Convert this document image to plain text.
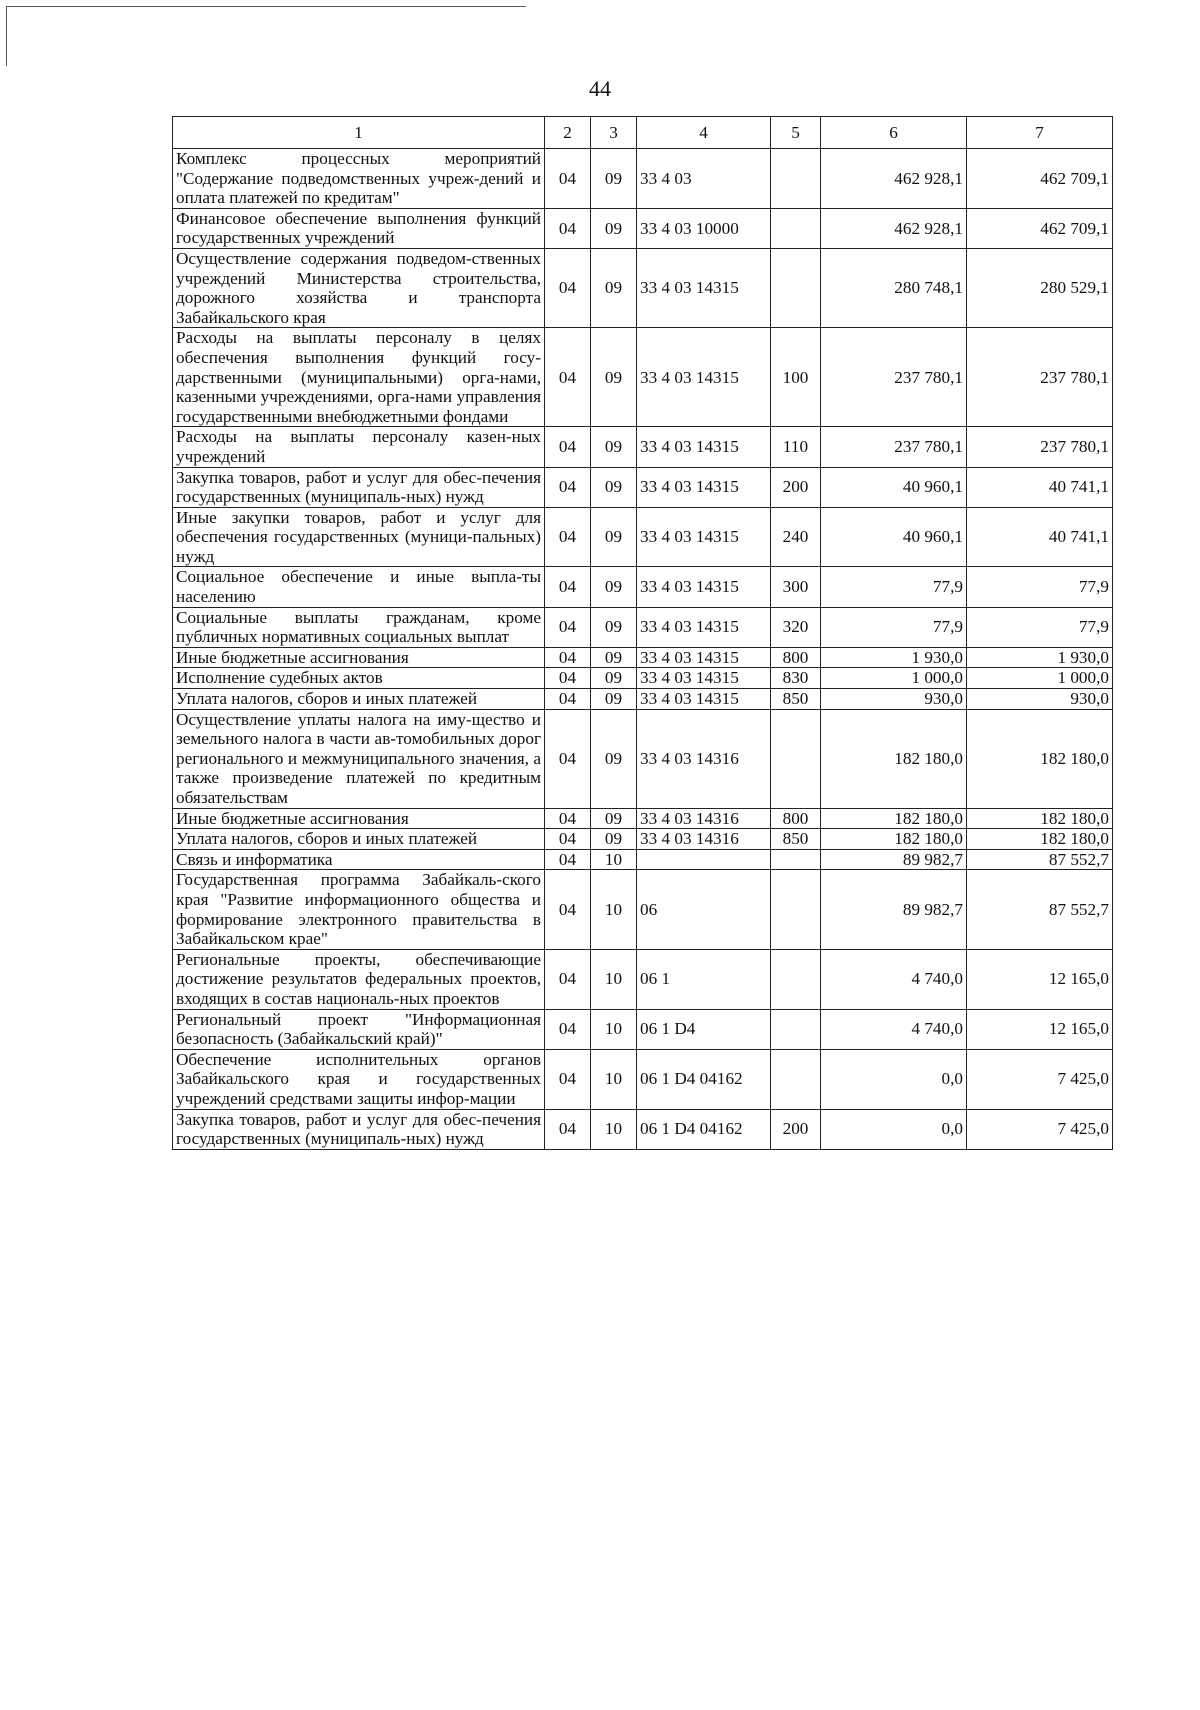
44
1	2	3	4	5	6	7
Комплекс процессных мероприятий "Содержание подведомственных учреж-дений и оплата платежей по кредитам"	04	09	33 4 03		462 928,1	462 709,1
Финансовое обеспечение выполнения функций государственных учреждений	04	09	33 4 03 10000		462 928,1	462 709,1
Осуществление содержания подведом-ственных учреждений Министерства строительства, дорожного хозяйства и транспорта Забайкальского края	04	09	33 4 03 14315		280 748,1	280 529,1
Расходы на выплаты персоналу в целях обеспечения выполнения функций госу-дарственными (муниципальными) орга-нами, казенными учреждениями, орга-нами управления государственными внебюджетными фондами	04	09	33 4 03 14315	100	237 780,1	237 780,1
Расходы на выплаты персоналу казен-ных учреждений	04	09	33 4 03 14315	110	237 780,1	237 780,1
Закупка товаров, работ и услуг для обес-печения государственных (муниципаль-ных) нужд	04	09	33 4 03 14315	200	40 960,1	40 741,1
Иные закупки товаров, работ и услуг для обеспечения государственных (муници-пальных) нужд	04	09	33 4 03 14315	240	40 960,1	40 741,1
Социальное обеспечение и иные выпла-ты населению	04	09	33 4 03 14315	300	77,9	77,9
Социальные выплаты гражданам, кроме публичных нормативных социальных выплат	04	09	33 4 03 14315	320	77,9	77,9
Иные бюджетные ассигнования	04	09	33 4 03 14315	800	1 930,0	1 930,0
Исполнение судебных актов	04	09	33 4 03 14315	830	1 000,0	1 000,0
Уплата налогов, сборов и иных платежей	04	09	33 4 03 14315	850	930,0	930,0
Осуществление уплаты налога на иму-щество и земельного налога в части ав-томобильных дорог регионального и межмуниципального значения, а также произведение платежей по кредитным обязательствам	04	09	33 4 03 14316		182 180,0	182 180,0
Иные бюджетные ассигнования	04	09	33 4 03 14316	800	182 180,0	182 180,0
Уплата налогов, сборов и иных платежей	04	09	33 4 03 14316	850	182 180,0	182 180,0
Связь и информатика	04	10			89 982,7	87 552,7
Государственная программа Забайкаль-ского края "Развитие информационного общества и формирование электронного правительства в Забайкальском крае"	04	10	06		89 982,7	87 552,7
Региональные проекты, обеспечивающие достижение результатов федеральных проектов, входящих в состав националь-ных проектов	04	10	06 1		4 740,0	12 165,0
Региональный проект "Информационная безопасность (Забайкальский край)"	04	10	06 1 D4		4 740,0	12 165,0
Обеспечение исполнительных органов Забайкальского края и государственных учреждений средствами защиты инфор-мации	04	10	06 1 D4 04162		0,0	7 425,0
Закупка товаров, работ и услуг для обес-печения государственных (муниципаль-ных) нужд	04	10	06 1 D4 04162	200	0,0	7 425,0
